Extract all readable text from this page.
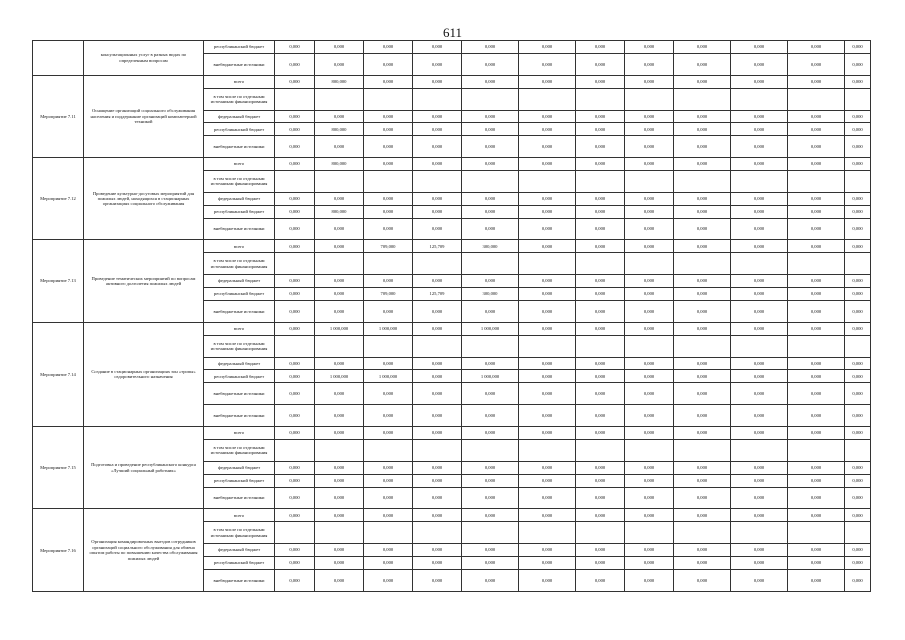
611
	консультационных услуг в разных видах по определенным вопросам	республиканский бюджет	0,000	0,000	0,000	0,000	0,000	0,000	0,000	0,000	0,000	0,000	0,000	0,000
		внебюджетные источники	0,000	0,000	0,000	0,000	0,000	0,000	0,000	0,000	0,000	0,000	0,000	0,000
Мероприятие 7.11	Оснащение организаций социального обслуживания населения и поддержание организаций компьютерной техникой	всего	0,000	800,000	0,000	0,000	0,000	0,000	0,000	0,000	0,000	0,000	0,000	0,000
		в том числе по отдельным источникам финансирования												
		федеральный бюджет	0,000	0,000	0,000	0,000	0,000	0,000	0,000	0,000	0,000	0,000	0,000	0,000
		республиканский бюджет	0,000	800,000	0,000	0,000	0,000	0,000	0,000	0,000	0,000	0,000	0,000	0,000
		внебюджетные источники	0,000	0,000	0,000	0,000	0,000	0,000	0,000	0,000	0,000	0,000	0,000	0,000
Мероприятие 7.12	Проведение культурно-досуговых мероприятий для пожилых людей, находящихся в стационарных организациях социального обслуживания	всего	0,000	800,000	0,000	0,000	0,000	0,000	0,000	0,000	0,000	0,000	0,000	0,000
		в том числе по отдельным источникам финансирования												
		федеральный бюджет	0,000	0,000	0,000	0,000	0,000	0,000	0,000	0,000	0,000	0,000	0,000	0,000
		республиканский бюджет	0,000	800,000	0,000	0,000	0,000	0,000	0,000	0,000	0,000	0,000	0,000	0,000
		внебюджетные источники	0,000	0,000	0,000	0,000	0,000	0,000	0,000	0,000	0,000	0,000	0,000	0,000
Мероприятие 7.13	Проведение тематических мероприятий по вопросам активного долголетия пожилых людей	всего	0,000	0,000	709,000	125,709	300,000	0,000	0,000	0,000	0,000	0,000	0,000	0,000
		в том числе по отдельным источникам финансирования												
		федеральный бюджет	0,000	0,000	0,000	0,000	0,000	0,000	0,000	0,000	0,000	0,000	0,000	0,000
		республиканский бюджет	0,000	0,000	709,000	125,709	300,000	0,000	0,000	0,000	0,000	0,000	0,000	0,000
		внебюджетные источники	0,000	0,000	0,000	0,000	0,000	0,000	0,000	0,000	0,000	0,000	0,000	0,000
Мероприятие 7.14	Создание в стационарных организациях зон «тропы» оздоровительного назначения	всего	0,000	1 000,000	1 000,000	0,000	1 000,000	0,000	0,000	0,000	0,000	0,000	0,000	0,000
		в том числе по отдельным источникам финансирования												
		федеральный бюджет	0,000	0,000	0,000	0,000	0,000	0,000	0,000	0,000	0,000	0,000	0,000	0,000
		республиканский бюджет	0,000	1 000,000	1 000,000	0,000	1 000,000	0,000	0,000	0,000	0,000	0,000	0,000	0,000
		внебюджетные источники	0,000	0,000	0,000	0,000	0,000	0,000	0,000	0,000	0,000	0,000	0,000	0,000
		внебюджетные источники	0,000	0,000	0,000	0,000	0,000	0,000	0,000	0,000	0,000	0,000	0,000	0,000
Мероприятие 7.15	Подготовка и проведение республиканского конкурса «Лучший социальный работник»	всего	0,000	0,000	0,000	0,000	0,000	0,000	0,000	0,000	0,000	0,000	0,000	0,000
		в том числе по отдельным источникам финансирования												
		федеральный бюджет	0,000	0,000	0,000	0,000	0,000	0,000	0,000	0,000	0,000	0,000	0,000	0,000
		республиканский бюджет	0,000	0,000	0,000	0,000	0,000	0,000	0,000	0,000	0,000	0,000	0,000	0,000
		внебюджетные источники	0,000	0,000	0,000	0,000	0,000	0,000	0,000	0,000	0,000	0,000	0,000	0,000
Мероприятие 7.16	Организация командировочных выездов сотрудников организаций социального обслуживания для обмена опытом работы по повышению качества обслуживания пожилых людей	всего	0,000	0,000	0,000	0,000	0,000	0,000	0,000	0,000	0,000	0,000	0,000	0,000
		в том числе по отдельным источникам финансирования												
		федеральный бюджет	0,000	0,000	0,000	0,000	0,000	0,000	0,000	0,000	0,000	0,000	0,000	0,000
		республиканский бюджет	0,000	0,000	0,000	0,000	0,000	0,000	0,000	0,000	0,000	0,000	0,000	0,000
		внебюджетные источники	0,000	0,000	0,000	0,000	0,000	0,000	0,000	0,000	0,000	0,000	0,000	0,000
